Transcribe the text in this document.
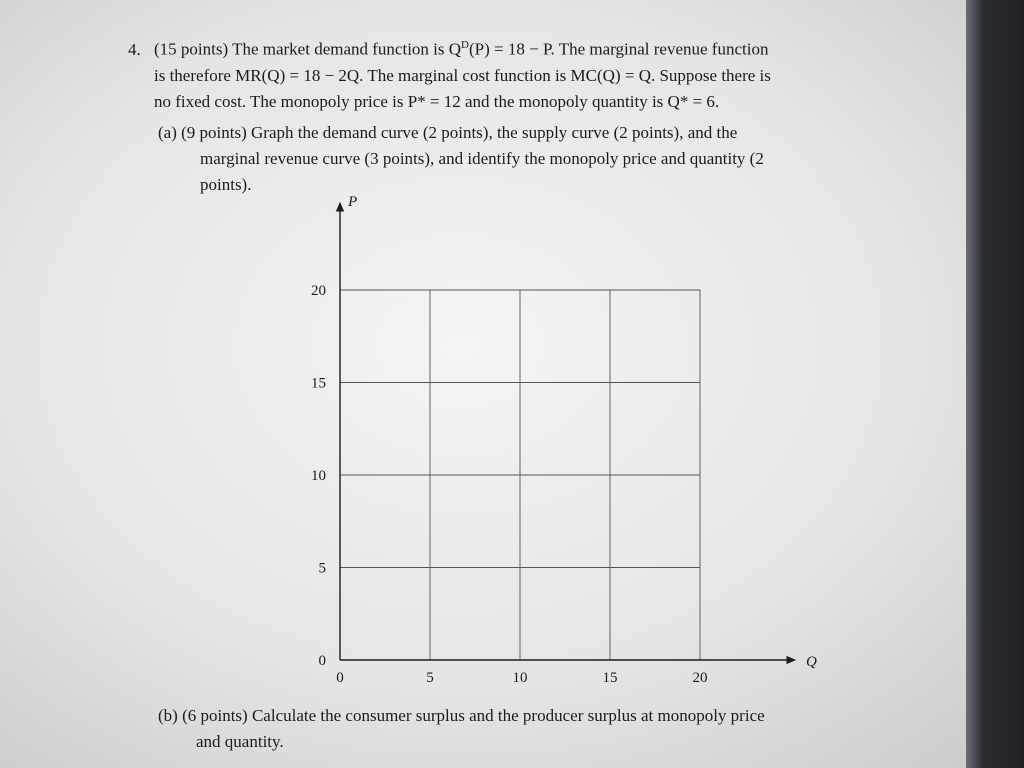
4. (15 points) The market demand function is $Q^D(P) = 18 - P$. The marginal revenue function
is therefore MR(Q) = 18 − 2Q. The marginal cost function is MC(Q) = Q. Suppose there is
no fixed cost. The monopoly price is P* = 12 and the monopoly quantity is Q* = 6.
(a) (9 points) Graph the demand curve (2 points), the supply curve (2 points), and the
marginal revenue curve (3 points), and identify the monopoly price and quantity (2
points).
P
Q
0	5	10	15	20
0
5
10
15
20
(b) (6 points) Calculate the consumer surplus and the producer surplus at monopoly price
and quantity.
